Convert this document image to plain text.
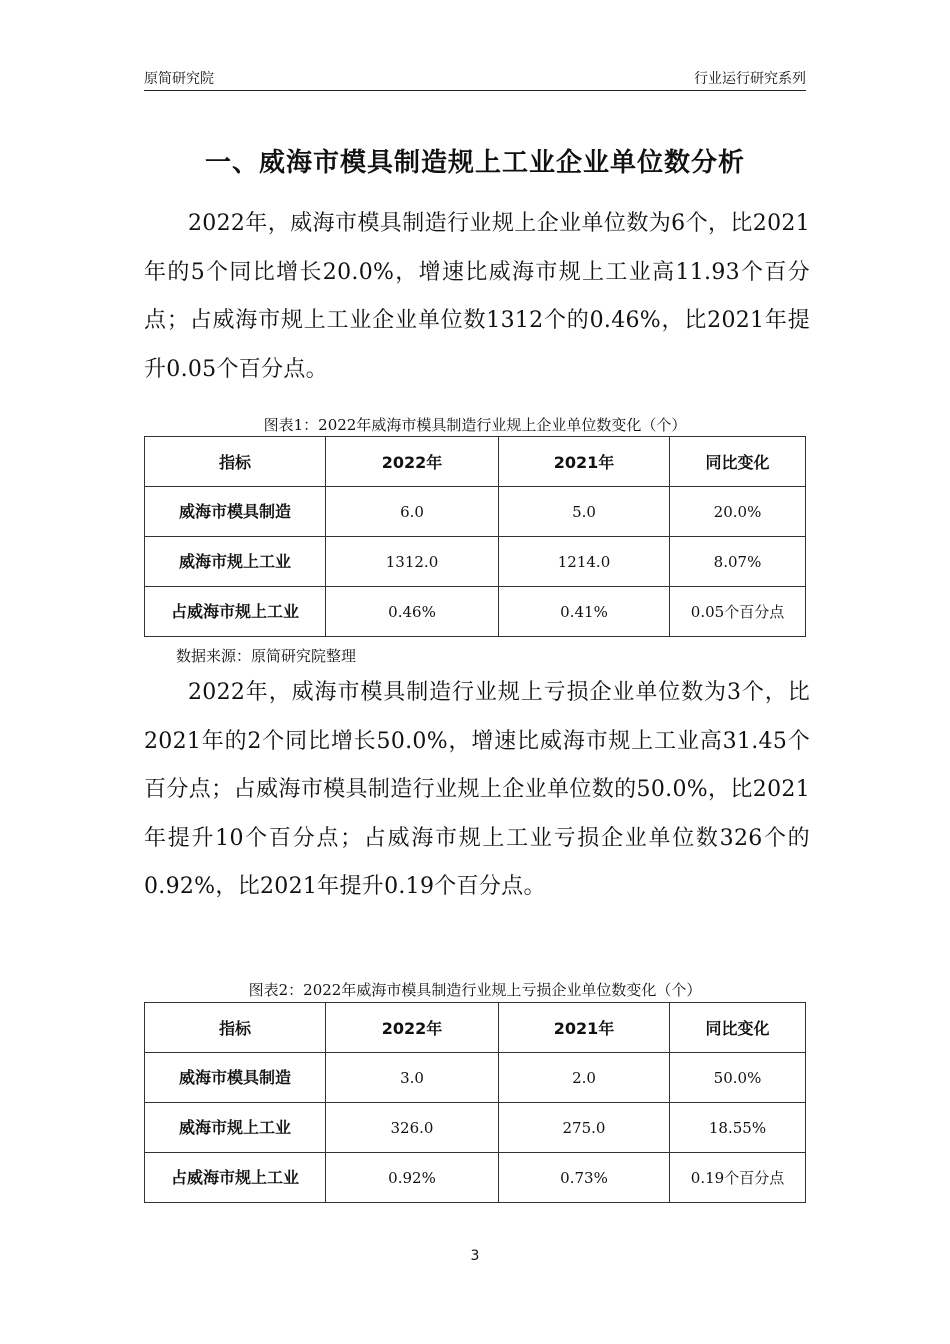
原简研究院	行业运行研究系列
一、威海市模具制造规上工业企业单位数分析
2022年，威海市模具制造行业规上企业单位数为6个，比2021年的5个同比增长20.0%，增速比威海市规上工业高11.93个百分点；占威海市规上工业企业单位数1312个的0.46%，比2021年提升0.05个百分点。
图表1：2022年威海市模具制造行业规上企业单位数变化（个）
指标	2022年	2021年	同比变化
威海市模具制造	6.0	5.0	20.0%
威海市规上工业	1312.0	1214.0	8.07%
占威海市规上工业	0.46%	0.41%	0.05个百分点
数据来源：原简研究院整理
2022年，威海市模具制造行业规上亏损企业单位数为3个，比2021年的2个同比增长50.0%，增速比威海市规上工业高31.45个百分点；占威海市模具制造行业规上企业单位数的50.0%，比2021年提升10个百分点；占威海市规上工业亏损企业单位数326个的0.92%，比2021年提升0.19个百分点。
图表2：2022年威海市模具制造行业规上亏损企业单位数变化（个）
指标	2022年	2021年	同比变化
威海市模具制造	3.0	2.0	50.0%
威海市规上工业	326.0	275.0	18.55%
占威海市规上工业	0.92%	0.73%	0.19个百分点
3
